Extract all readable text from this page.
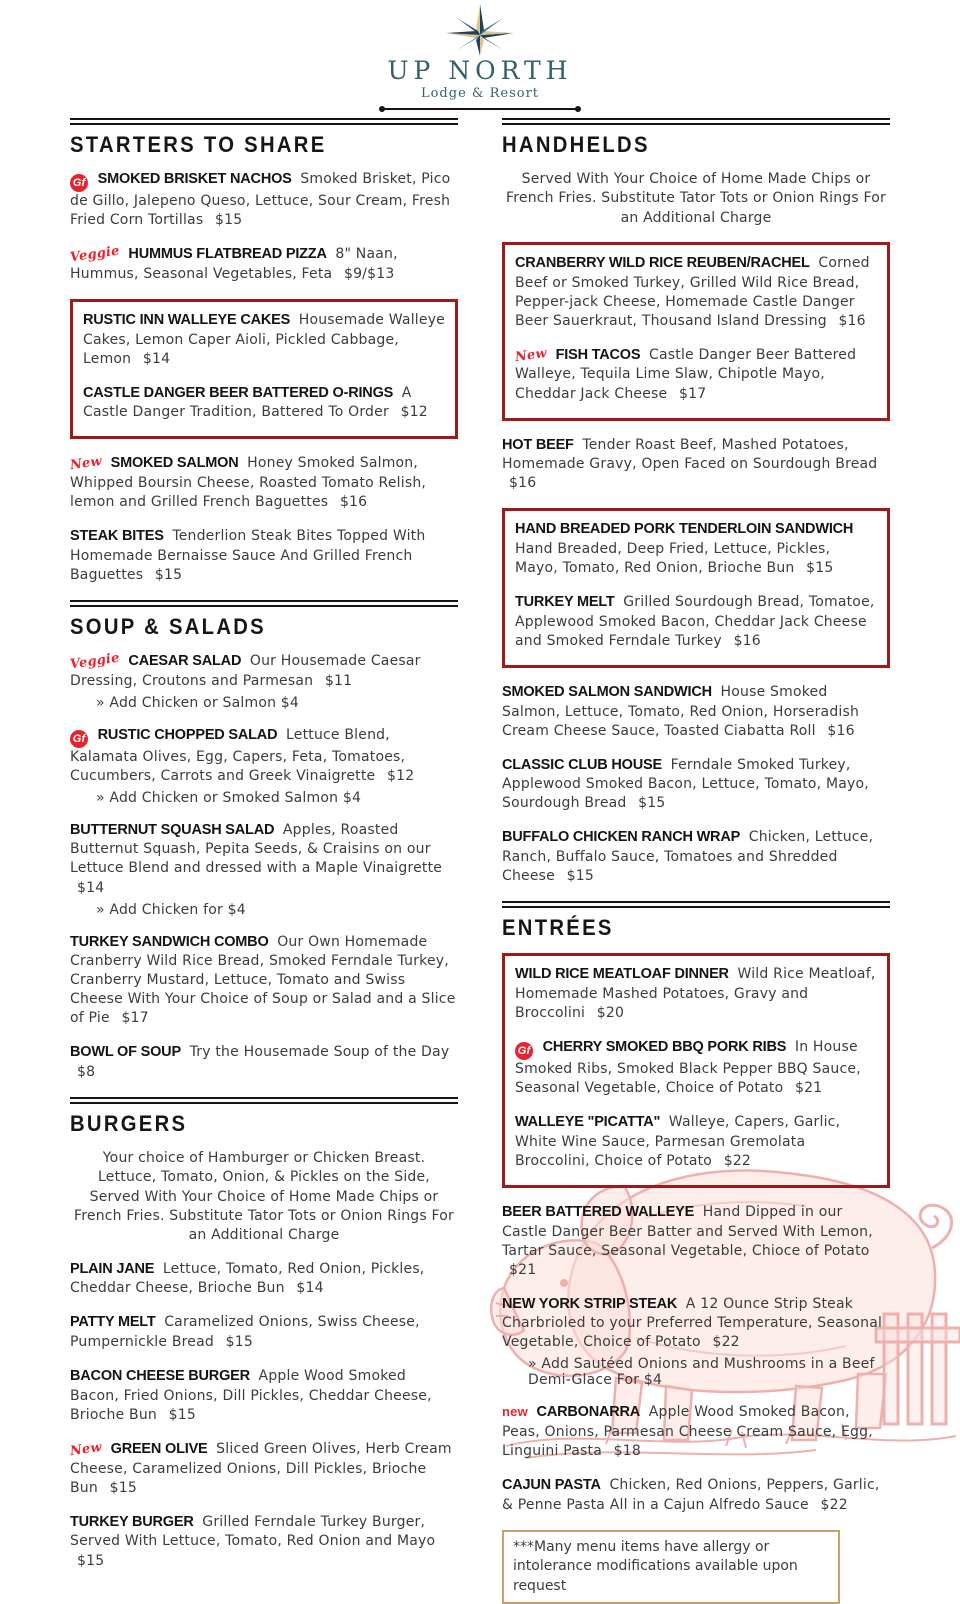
UP NORTH
Lodge & Resort
STARTERS TO SHARE

Gf SMOKED BRISKET NACHOS Smoked Brisket, Pico de Gillo, Jalepeno Queso, Lettuce, Sour Cream, Fresh Fried Corn Tortillas $15

Veggie HUMMUS FLATBREAD PIZZA 8" Naan, Hummus, Seasonal Vegetables, Feta $9/$13

RUSTIC INN WALLEYE CAKES Housemade Walleye Cakes, Lemon Caper Aioli, Pickled Cabbage, Lemon $14

CASTLE DANGER BEER BATTERED O-RINGS A Castle Danger Tradition, Battered To Order $12

New SMOKED SALMON Honey Smoked Salmon, Whipped Boursin Cheese, Roasted Tomato Relish, lemon and Grilled French Baguettes $16

STEAK BITES Tenderlion Steak Bites Topped With Homemade Bernaisse Sauce And Grilled French Baguettes $15

SOUP & SALADS

Veggie CAESAR SALAD Our Housemade Caesar Dressing, Croutons and Parmesan $11

» Add Chicken or Salmon $4

Gf RUSTIC CHOPPED SALAD Lettuce Blend, Kalamata Olives, Egg, Capers, Feta, Tomatoes, Cucumbers, Carrots and Greek Vinaigrette $12

» Add Chicken or Smoked Salmon $4

BUTTERNUT SQUASH SALAD Apples, Roasted Butternut Squash, Pepita Seeds, & Craisins on our Lettuce Blend and dressed with a Maple Vinaigrette $14

» Add Chicken for $4

TURKEY SANDWICH COMBO Our Own Homemade Cranberry Wild Rice Bread, Smoked Ferndale Turkey, Cranberry Mustard, Lettuce, Tomato and Swiss Cheese With Your Choice of Soup or Salad and a Slice of Pie $17

BOWL OF SOUP Try the Housemade Soup of the Day $8

BURGERS

Your choice of Hamburger or Chicken Breast. Lettuce, Tomato, Onion, & Pickles on the Side, Served With Your Choice of Home Made Chips or French Fries. Substitute Tator Tots or Onion Rings For an Additional Charge

PLAIN JANE Lettuce, Tomato, Red Onion, Pickles, Cheddar Cheese, Brioche Bun $14

PATTY MELT Caramelized Onions, Swiss Cheese, Pumpernickle Bread $15

BACON CHEESE BURGER Apple Wood Smoked Bacon, Fried Onions, Dill Pickles, Cheddar Cheese, Brioche Bun $15

New GREEN OLIVE Sliced Green Olives, Herb Cream Cheese, Caramelized Onions, Dill Pickles, Brioche Bun $15

TURKEY BURGER Grilled Ferndale Turkey Burger, Served With Lettuce, Tomato, Red Onion and Mayo $15

HANDHELDS

Served With Your Choice of Home Made Chips or French Fries. Substitute Tator Tots or Onion Rings For an Additional Charge

CRANBERRY WILD RICE REUBEN/RACHEL Corned Beef or Smoked Turkey, Grilled Wild Rice Bread, Pepper-jack Cheese, Homemade Castle Danger Beer Sauerkraut, Thousand Island Dressing $16

New FISH TACOS Castle Danger Beer Battered Walleye, Tequila Lime Slaw, Chipotle Mayo, Cheddar Jack Cheese $17

HOT BEEF Tender Roast Beef, Mashed Potatoes, Homemade Gravy, Open Faced on Sourdough Bread $16

HAND BREADED PORK TENDERLOIN SANDWICH Hand Breaded, Deep Fried, Lettuce, Pickles, Mayo, Tomato, Red Onion, Brioche Bun $15

TURKEY MELT Grilled Sourdough Bread, Tomatoe, Applewood Smoked Bacon, Cheddar Jack Cheese and Smoked Ferndale Turkey $16

SMOKED SALMON SANDWICH House Smoked Salmon, Lettuce, Tomato, Red Onion, Horseradish Cream Cheese Sauce, Toasted Ciabatta Roll $16

CLASSIC CLUB HOUSE Ferndale Smoked Turkey, Applewood Smoked Bacon, Lettuce, Tomato, Mayo, Sourdough Bread $15

BUFFALO CHICKEN RANCH WRAP Chicken, Lettuce, Ranch, Buffalo Sauce, Tomatoes and Shredded Cheese $15

ENTRÉES

WILD RICE MEATLOAF DINNER Wild Rice Meatloaf, Homemade Mashed Potatoes, Gravy and Broccolini $20

Gf CHERRY SMOKED BBQ PORK RIBS In House Smoked Ribs, Smoked Black Pepper BBQ Sauce, Seasonal Vegetable, Choice of Potato $21

WALLEYE "PICATTA" Walleye, Capers, Garlic, White Wine Sauce, Parmesan Gremolata Broccolini, Choice of Potato $22

BEER BATTERED WALLEYE Hand Dipped in our Castle Danger Beer Batter and Served With Lemon, Tartar Sauce, Seasonal Vegetable, Chioce of Potato $21

NEW YORK STRIP STEAK A 12 Ounce Strip Steak Charbrioled to your Preferred Temperature, Seasonal Vegetable, Choice of Potato $22

» Add Sautéed Onions and Mushrooms in a Beef Demi-Glace For $4

new CARBONARRA Apple Wood Smoked Bacon, Peas, Onions, Parmesan Cheese Cream Sauce, Egg, Linguini Pasta $18

CAJUN PASTA Chicken, Red Onions, Peppers, Garlic, & Penne Pasta All in a Cajun Alfredo Sauce $22

***Many menu items have allergy or intolerance modifications available upon request
